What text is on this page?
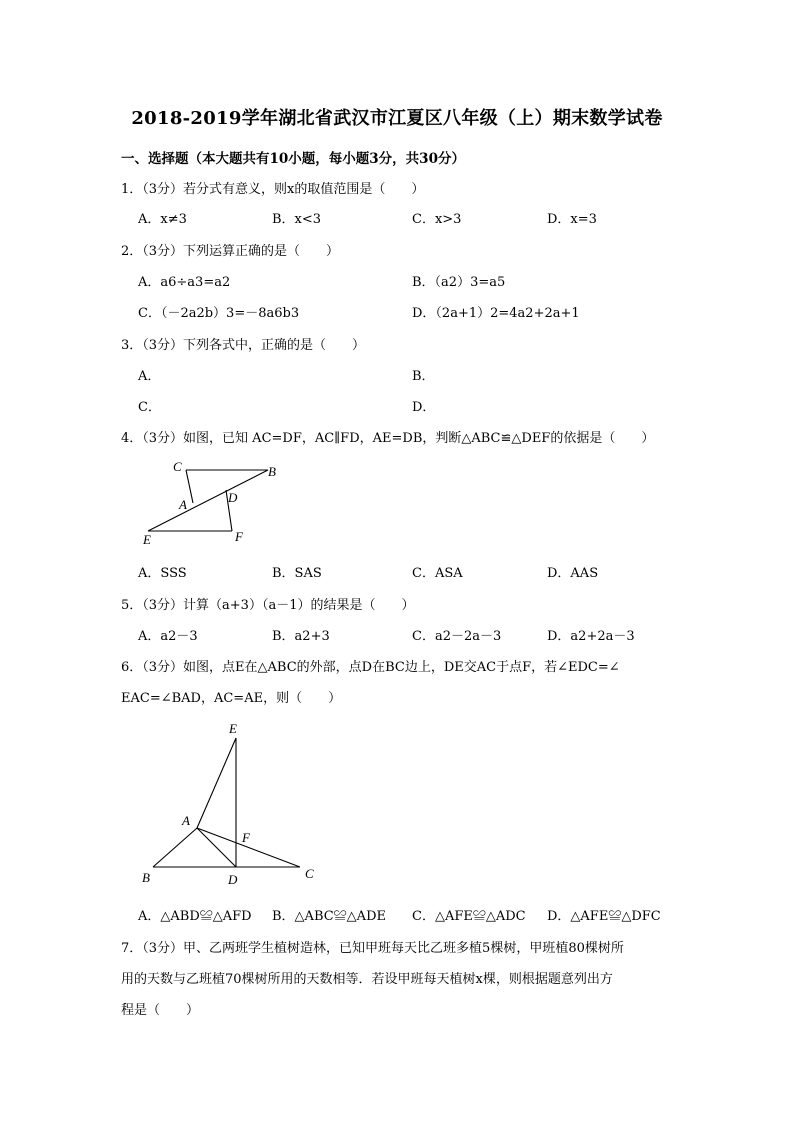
2018-2019学年湖北省武汉市江夏区八年级（上）期末数学试卷
一、选择题（本大题共有10小题，每小题3分，共30分）
1．（3分）若分式有意义，则x的取值范围是（　　）
A．x≠3	B．x<3	C．x>3	D．x=3
2．（3分）下列运算正确的是（　　）
A．a6÷a3=a2	B．（a2）3=a5
C．（－2a2b）3=－8a6b3	D．（2a+1）2=4a2+2a+1
3．（3分）下列各式中，正确的是（　　）
A．	B．
C．	D．
4．（3分）如图，已知 AC=DF，AC∥FD，AE=DB，判断△ABC≌△DEF的依据是（　　）
C	B
A	D
E	F
A．SSS	B．SAS	C．ASA	D．AAS
5．（3分）计算（a+3）（a－1）的结果是（　　）
A．a2－3	B．a2+3	C．a2－2a－3	D．a2+2a－3
6．（3分）如图，点E在△ABC的外部，点D在BC边上，DE交AC于点F，若∠EDC=∠
EAC=∠BAD，AC=AE，则（　　）
E
A
F
B	D	C
A．△ABD≌△AFD B．△ABC≌△ADE C．△AFE≌△ADC D．△AFE≌△DFC
7．（3分）甲、乙两班学生植树造林，已知甲班每天比乙班多植5棵树，甲班植80棵树所
用的天数与乙班植70棵树所用的天数相等．若设甲班每天植树x棵，则根据题意列出方
程是（　　）
